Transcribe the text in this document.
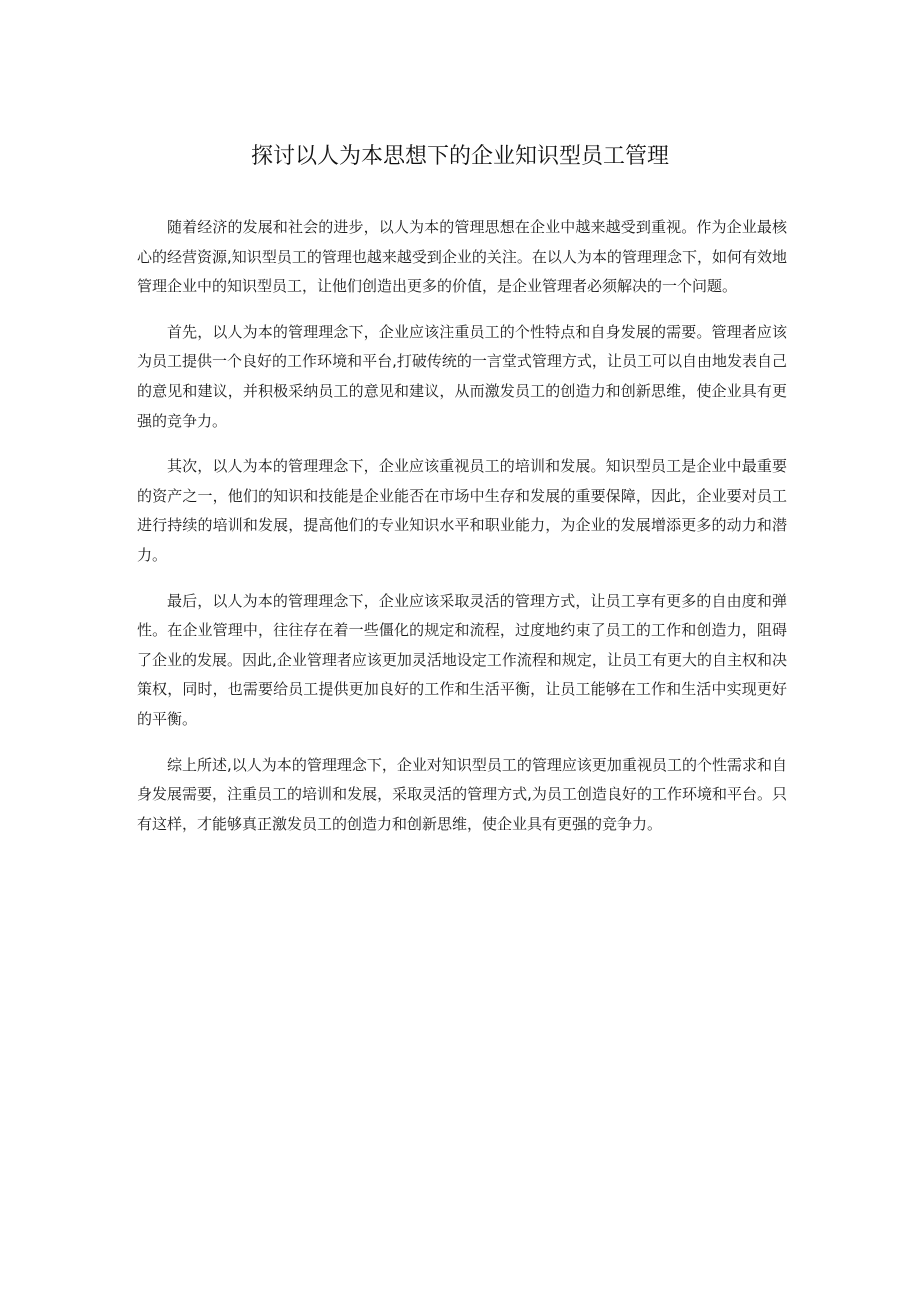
探讨以人为本思想下的企业知识型员工管理

随着经济的发展和社会的进步，以人为本的管理思想在企业中越来越受到重视。作为企业最核心的经营资源,知识型员工的管理也越来越受到企业的关注。在以人为本的管理理念下，如何有效地管理企业中的知识型员工，让他们创造出更多的价值，是企业管理者必须解决的一个问题。

首先，以人为本的管理理念下，企业应该注重员工的个性特点和自身发展的需要。管理者应该为员工提供一个良好的工作环境和平台,打破传统的一言堂式管理方式，让员工可以自由地发表自己的意见和建议，并积极采纳员工的意见和建议，从而激发员工的创造力和创新思维，使企业具有更强的竞争力。

其次，以人为本的管理理念下，企业应该重视员工的培训和发展。知识型员工是企业中最重要的资产之一，他们的知识和技能是企业能否在市场中生存和发展的重要保障，因此，企业要对员工进行持续的培训和发展，提高他们的专业知识水平和职业能力，为企业的发展增添更多的动力和潜力。

最后，以人为本的管理理念下，企业应该采取灵活的管理方式，让员工享有更多的自由度和弹性。在企业管理中，往往存在着一些僵化的规定和流程，过度地约束了员工的工作和创造力，阻碍了企业的发展。因此,企业管理者应该更加灵活地设定工作流程和规定，让员工有更大的自主权和决策权，同时，也需要给员工提供更加良好的工作和生活平衡，让员工能够在工作和生活中实现更好的平衡。

综上所述,以人为本的管理理念下，企业对知识型员工的管理应该更加重视员工的个性需求和自身发展需要，注重员工的培训和发展，采取灵活的管理方式,为员工创造良好的工作环境和平台。只有这样，才能够真正激发员工的创造力和创新思维，使企业具有更强的竞争力。
